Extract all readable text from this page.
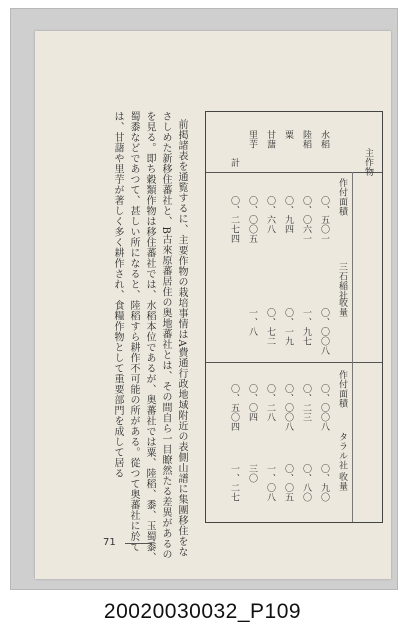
前掲諸表を通覧するに、主要作物の栽培事情はA費通行政地域附近の表側山譜に集團移住をな
さしめた新移住蕃社と、B古來原蕃居住の奥地蕃社とは、その間自ら一目瞭然たる差異があるの
を見る。即ち穀類作物は移住蕃社では、水稻本位であるが、奥蕃社では粟、陸稻、黍、玉蜀黍、
蜀黍などであつて、甚しい所になると、陸稻すら耕作不可能の所がある。從つて奥蕃社に於て
は、甘藷や里芋が著しく多く耕作され、食糧作物として重要部門を成して居る	主作物
三石稲社
タラル社
作付面積
收量
作付面積
收量
水稻
陸稻
粟
甘藷
里芋
計
〇、五〇一
〇、〇六一
〇、九四
〇、六八
〇、〇〇五
〇、二七四
〇、〇〇八
一、九七
〇、一九
〇、七二
一、八
〇、〇〇八
〇、二三
〇、〇〇八
〇、二八
〇、〇四
〇、五〇四
〇、九〇
〇、八〇
〇、〇五
一、〇八
三〇
一、二七
71
20020030032_P109
